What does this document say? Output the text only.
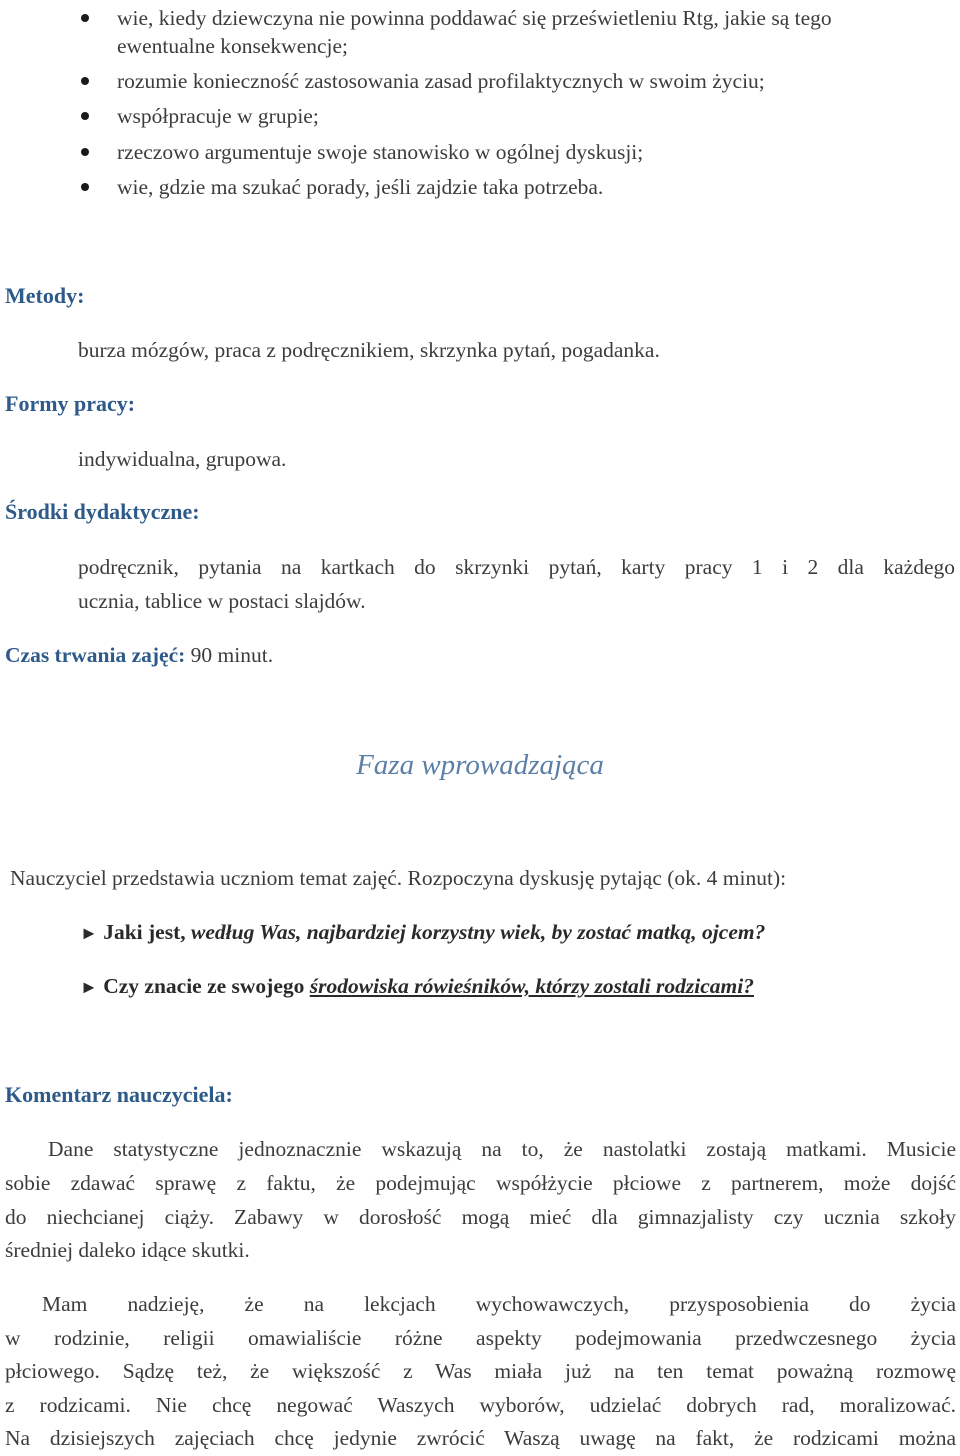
wie, kiedy dziewczyna nie powinna poddawać się prześwietleniu Rtg, jakie są tego
ewentualne konsekwencje;
rozumie konieczność zastosowania zasad profilaktycznych w swoim życiu;
współpracuje w grupie;
rzeczowo argumentuje swoje stanowisko w ogólnej dyskusji;
wie, gdzie ma szukać porady, jeśli zajdzie taka potrzeba.
Metody:
burza mózgów, praca z podręcznikiem, skrzynka pytań, pogadanka.
Formy pracy:
indywidualna, grupowa.
Środki dydaktyczne:
podręcznik, pytania na kartkach do skrzynki pytań, karty pracy 1 i 2 dla każdego
ucznia, tablice w postaci slajdów.
Czas trwania zajęć: 90 minut.
Faza wprowadzająca
Nauczyciel przedstawia uczniom temat zajęć. Rozpoczyna dyskusję pytając (ok. 4 minut):
► Jaki jest, według Was, najbardziej korzystny wiek, by zostać matką, ojcem?
► Czy znacie ze swojego środowiska rówieśników, którzy zostali rodzicami?
Komentarz nauczyciela:
Dane statystyczne jednoznacznie wskazują na to, że nastolatki zostają matkami. Musicie
sobie zdawać sprawę z faktu, że podejmując współżycie płciowe z partnerem, może dojść
do niechcianej ciąży. Zabawy w dorosłość mogą mieć dla gimnazjalisty czy ucznia szkoły
średniej daleko idące skutki.
Mam nadzieję, że na lekcjach wychowawczych, przysposobienia do życia
w rodzinie, religii omawialiście różne aspekty podejmowania przedwczesnego życia
płciowego. Sądzę też, że większość z Was miała już na ten temat poważną rozmowę
z rodzicami. Nie chcę negować Waszych wyborów, udzielać dobrych rad, moralizować.
Na dzisiejszych zajęciach chcę jedynie zwrócić Waszą uwagę na fakt, że rodzicami można
